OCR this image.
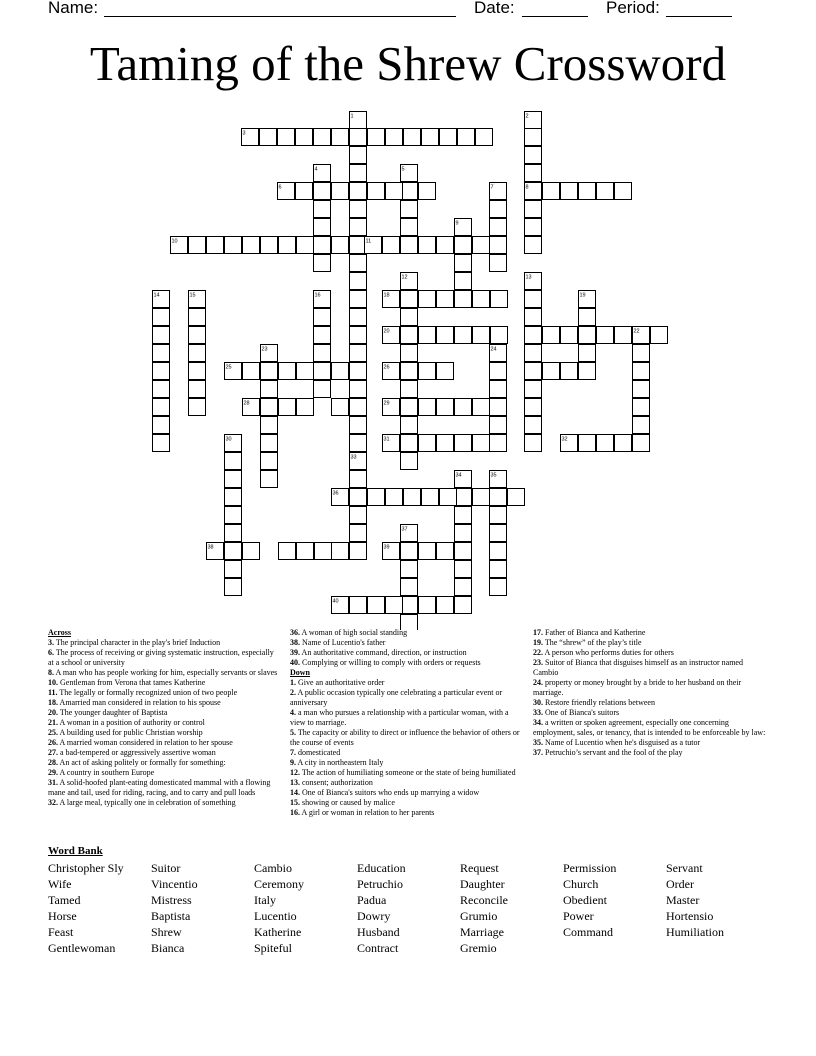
Name:	Date:	Period:
Taming of the Shrew Crossword
1	2
3
4	5
6	7	8
9
10	11
12	13
14	15	16	18	19
20	22
23	24
25	26
28	29
30	31	32
33
34	35
36
37
38	39
40
Across
3. The principal character in the play's brief Induction
6. The process of receiving or giving systematic instruction, especially at a school or university
8. A man who has people working for him, especially servants or slaves
10. Gentleman from Verona that tames Katherine
11. The legally or formally recognized union of two people
18. Amarried man considered in relation to his spouse
20. The younger daughter of Baptista
21. A woman in a position of authority or control
25. A building used for public Christian worship
26. A married woman considered in relation to her spouse
27. a bad-tempered or aggressively assertive woman
28. An act of asking politely or formally for something:
29. A country in southern Europe
31. A solid-hoofed plant-eating domesticated mammal with a flowing mane and tail, used for riding, racing, and to carry and pull loads
32. A large meal, typically one in celebration of something
36. A woman of high social standing
38. Name of Lucentio's father
39. An authoritative command, direction, or instruction
40. Complying or willing to comply with orders or requests
Down
1. Give an authoritative order
2. A public occasion typically one celebrating a particular event or anniversary
4. a man who pursues a relationship with a particular woman, with a view to marriage.
5. The capacity or ability to direct or influence the behavior of others or the course of events
7. domesticated
9. A city in northeastern Italy
12. The action of humiliating someone or the state of being humiliated
13. consent; authorization
14. One of Bianca's suitors who ends up marrying a widow
15. showing or caused by malice
16. A girl or woman in relation to her parents
17. Father of Bianca and Katherine
19. The “shrew” of the play’s title
22. A person who performs duties for others
23. Suitor of Bianca that disguises himself as an instructor named Cambio
24. property or money brought by a bride to her husband on their marriage.
30. Restore friendly relations between
33. One of Bianca's suitors
34. a written or spoken agreement, especially one concerning employment, sales, or tenancy, that is intended to be enforceable by law:
35. Name of Lucentio when he's disguised as a tutor
37. Petruchio’s servant and the fool of the play
Word Bank
Christopher Sly
Wife
Tamed
Horse
Feast
Gentlewoman
Suitor
Vincentio
Mistress
Baptista
Shrew
Bianca
Cambio
Ceremony
Italy
Lucentio
Katherine
Spiteful
Education
Petruchio
Padua
Dowry
Husband
Contract
Request
Daughter
Reconcile
Grumio
Marriage
Gremio
Permission
Church
Obedient
Power
Command
Servant
Order
Master
Hortensio
Humiliation
